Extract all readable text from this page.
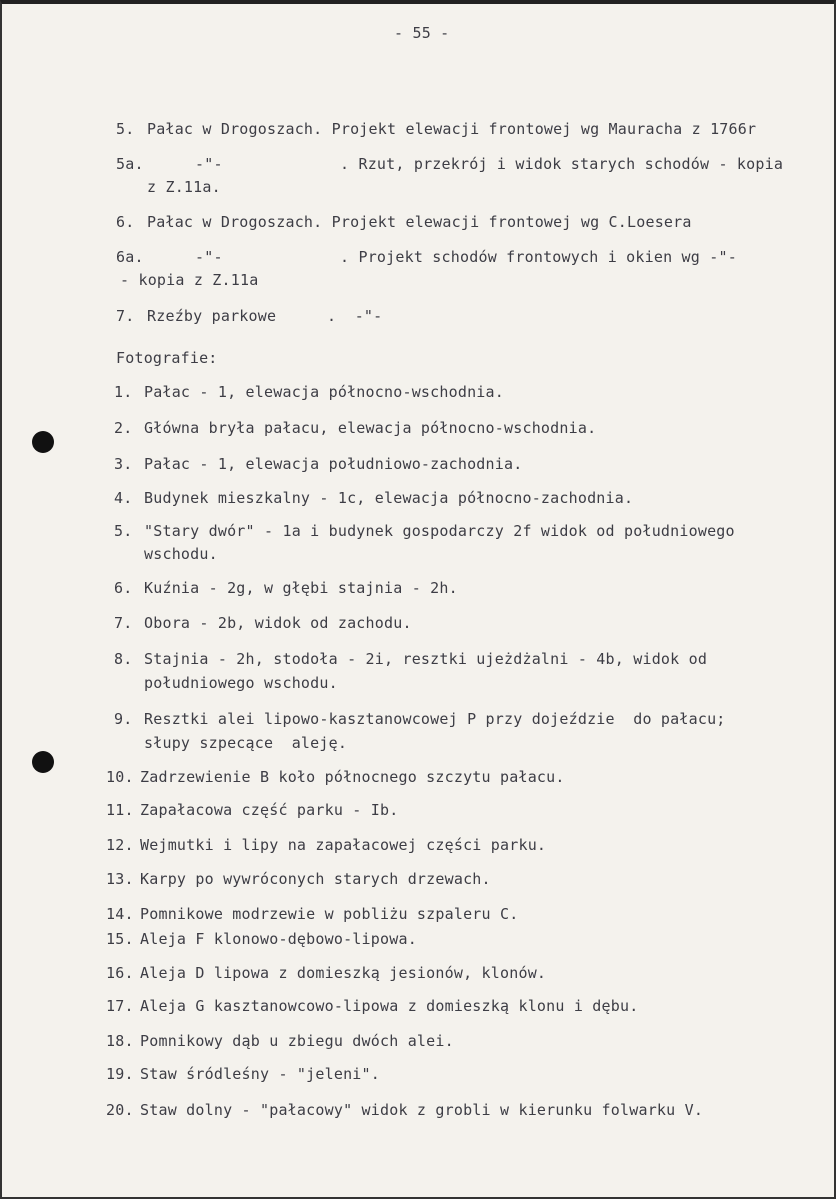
- 55 -
5. Pałac w Drogoszach. Projekt elewacji frontowej wg Mauracha z 1766r
5a.	-"-	. Rzut, przekrój i widok starych schodów - kopia
z Z.11a.
6. Pałac w Drogoszach. Projekt elewacji frontowej wg C.Loesera
6a.	-"-	. Projekt schodów frontowych i okien wg -"-
- kopia z Z.11a
7. Rzeźby parkowe	.  -"-
Fotografie:
1. Pałac - 1, elewacja północno-wschodnia.
2. Główna bryła pałacu, elewacja północno-wschodnia.
3. Pałac - 1, elewacja południowo-zachodnia.
4. Budynek mieszkalny - 1c, elewacja północno-zachodnia.
5. "Stary dwór" - 1a i budynek gospodarczy 2f widok od południowego
wschodu.
6. Kuźnia - 2g, w głębi stajnia - 2h.
7. Obora - 2b, widok od zachodu.
8. Stajnia - 2h, stodoła - 2i, resztki ujeżdżalni - 4b, widok od
południowego wschodu.
9. Resztki alei lipowo-kasztanowcowej P przy dojeździe  do pałacu;
słupy szpecące  aleję.
10. Zadrzewienie B koło północnego szczytu pałacu.
11. Zapałacowa część parku - Ib.
12. Wejmutki i lipy na zapałacowej części parku.
13. Karpy po wywróconych starych drzewach.
14. Pomnikowe modrzewie w pobliżu szpaleru C.
15. Aleja F klonowo-dębowo-lipowa.
16. Aleja D lipowa z domieszką jesionów, klonów.
17. Aleja G kasztanowcowo-lipowa z domieszką klonu i dębu.
18. Pomnikowy dąb u zbiegu dwóch alei.
19. Staw śródleśny - "jeleni".
20. Staw dolny - "pałacowy" widok z grobli w kierunku folwarku V.
